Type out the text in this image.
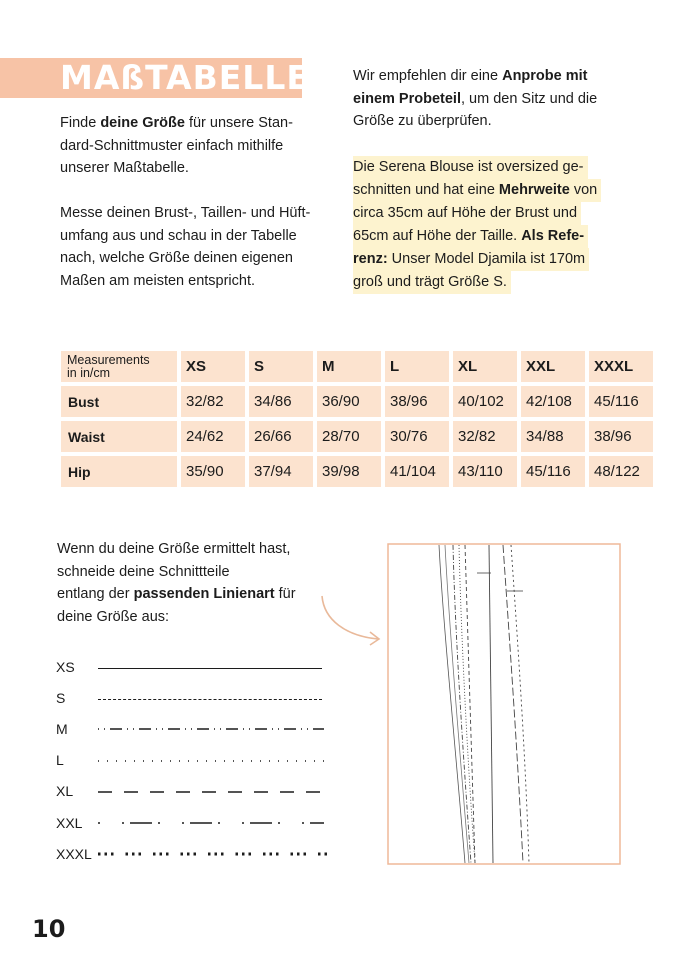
MAßTABELLE
Finde deine Größe für unsere Stan-
dard-Schnittmuster einfach mithilfe
unserer Maßtabelle.
Messe deinen Brust-, Taillen- und Hüft-
umfang aus und schau in der Tabelle
nach, welche Größe deinen eigenen
Maßen am meisten entspricht.
Wir empfehlen dir eine Anprobe mit
einem Probeteil, um den Sitz und die
Größe zu überprüfen.
Die Serena Blouse ist oversized ge-
schnitten und hat eine Mehrweite von
circa 35cm auf Höhe der Brust und
65cm auf Höhe der Taille. Als Refe-
renz: Unser Model Djamila ist 170m
groß und trägt Größe S.
Measurements
in in/cm	XS	S	M	L	XL	XXL	XXXL
Bust	32/82	34/86	36/90	38/96	40/102	42/108	45/116
Waist	24/62	26/66	28/70	30/76	32/82	34/88	38/96
Hip	35/90	37/94	39/98	41/104	43/110	45/116	48/122
Wenn du deine Größe ermittelt hast,
schneide deine Schnittteile
entlang der passenden Linienart für
deine Größe aus:
XS
S
M
L
XL
XXL
XXXL
10
